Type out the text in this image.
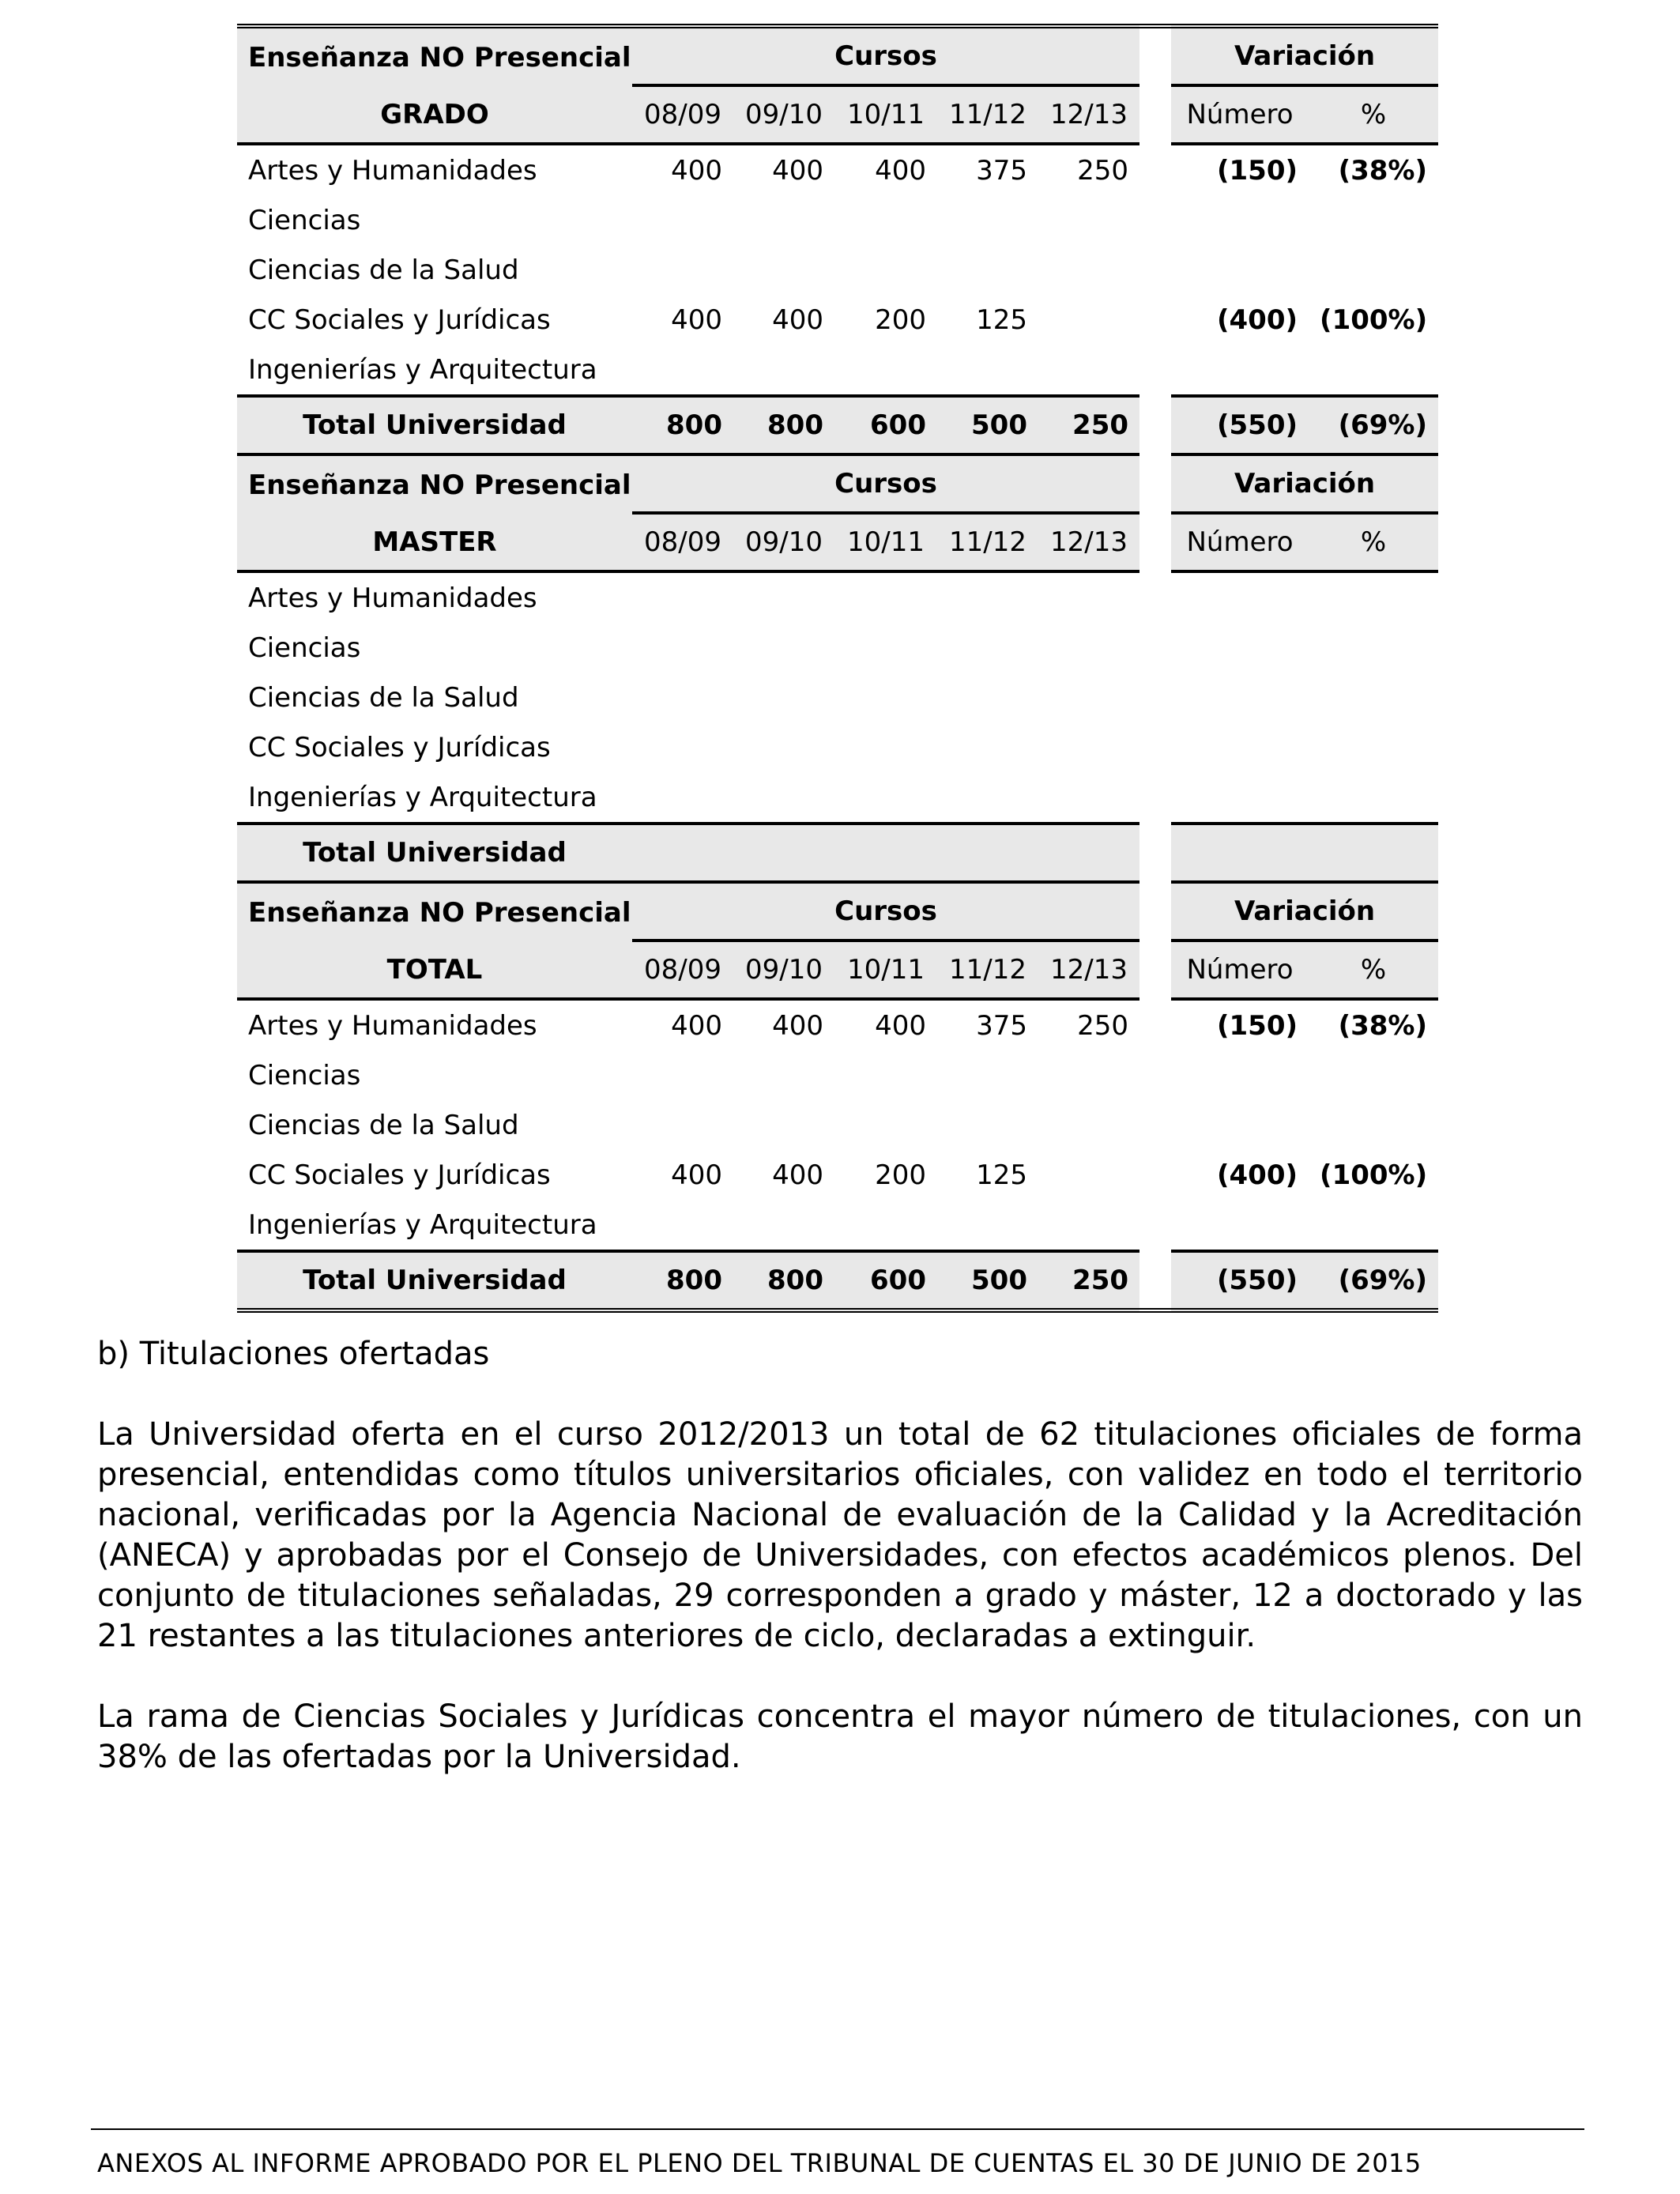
Enseñanza NO Presencial	Cursos						Variación	
GRADO	08/09	09/10	10/11	11/12	12/13		Número	%
Artes y Humanidades	400	400	400	375	250		(150)	(38%)
Ciencias								
Ciencias de la Salud								
CC Sociales y Jurídicas	400	400	200	125			(400)	(100%)
Ingenierías y Arquitectura								
Total Universidad	800	800	600	500	250		(550)	(69%)
Enseñanza NO Presencial	Cursos						Variación	
MASTER	08/09	09/10	10/11	11/12	12/13		Número	%
Artes y Humanidades								
Ciencias								
Ciencias de la Salud								
CC Sociales y Jurídicas								
Ingenierías y Arquitectura								
Total Universidad								
Enseñanza NO Presencial	Cursos						Variación	
TOTAL	08/09	09/10	10/11	11/12	12/13		Número	%
Artes y Humanidades	400	400	400	375	250		(150)	(38%)
Ciencias								
Ciencias de la Salud								
CC Sociales y Jurídicas	400	400	200	125			(400)	(100%)
Ingenierías y Arquitectura								
Total Universidad	800	800	600	500	250		(550)	(69%)

b) Titulaciones ofertadas

La Universidad oferta en el curso 2012/2013 un total de 62 titulaciones oficiales de forma presencial, entendidas como títulos universitarios oficiales, con validez en todo el territorio nacional, verificadas por la Agencia Nacional de evaluación de la Calidad y la Acreditación (ANECA) y aprobadas por el Consejo de Universidades, con efectos académicos plenos. Del conjunto de titulaciones señaladas, 29 corresponden a grado y máster, 12 a doctorado y las 21 restantes a las titulaciones anteriores de ciclo, declaradas a extinguir.

La rama de Ciencias Sociales y Jurídicas concentra el mayor número de titulaciones, con un 38% de las ofertadas por la Universidad.

ANEXOS AL INFORME APROBADO POR EL PLENO DEL TRIBUNAL DE CUENTAS EL 30 DE JUNIO DE 2015
